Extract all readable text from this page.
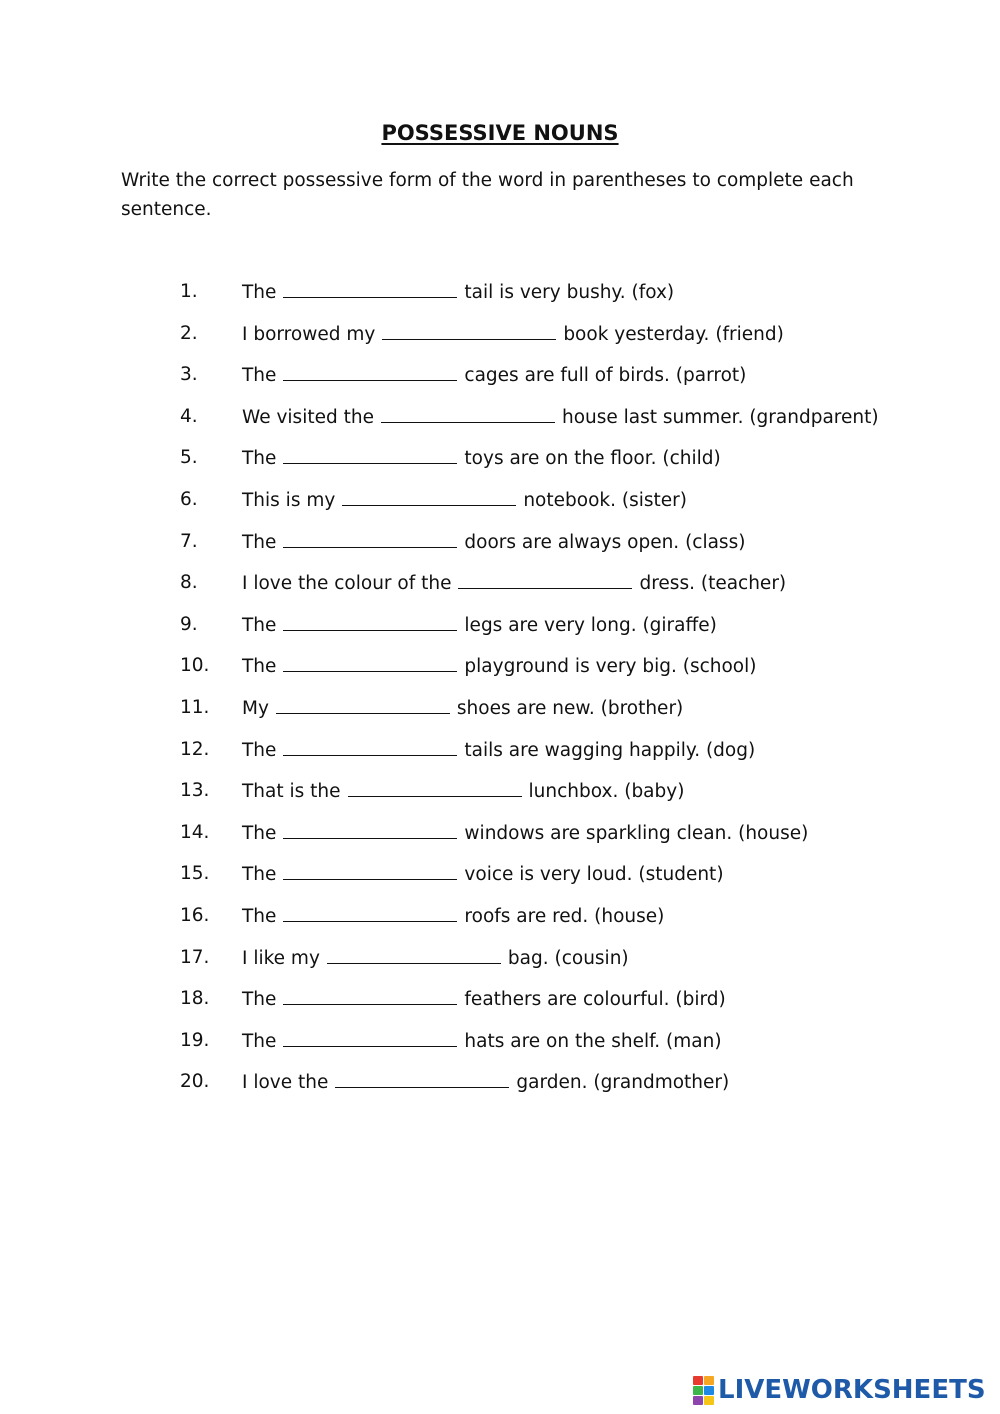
POSSESSIVE NOUNS
Write the correct possessive form of the word in parentheses to complete each sentence.
1.	The	tail is very bushy. (fox)
2.	I borrowed my	book yesterday. (friend)
3.	The	cages are full of birds. (parrot)
4.	We visited the	house last summer. (grandparent)
5.	The	toys are on the floor. (child)
6.	This is my	notebook. (sister)
7.	The	doors are always open. (class)
8.	I love the colour of the	dress. (teacher)
9.	The	legs are very long. (giraffe)
10.	The	playground is very big. (school)
11.	My	shoes are new. (brother)
12.	The	tails are wagging happily. (dog)
13.	That is the	lunchbox. (baby)
14.	The	windows are sparkling clean. (house)
15.	The	voice is very loud. (student)
16.	The	roofs are red. (house)
17.	I like my	bag. (cousin)
18.	The	feathers are colourful. (bird)
19.	The	hats are on the shelf. (man)
20.	I love the	garden. (grandmother)
LIVEWORKSHEETS
